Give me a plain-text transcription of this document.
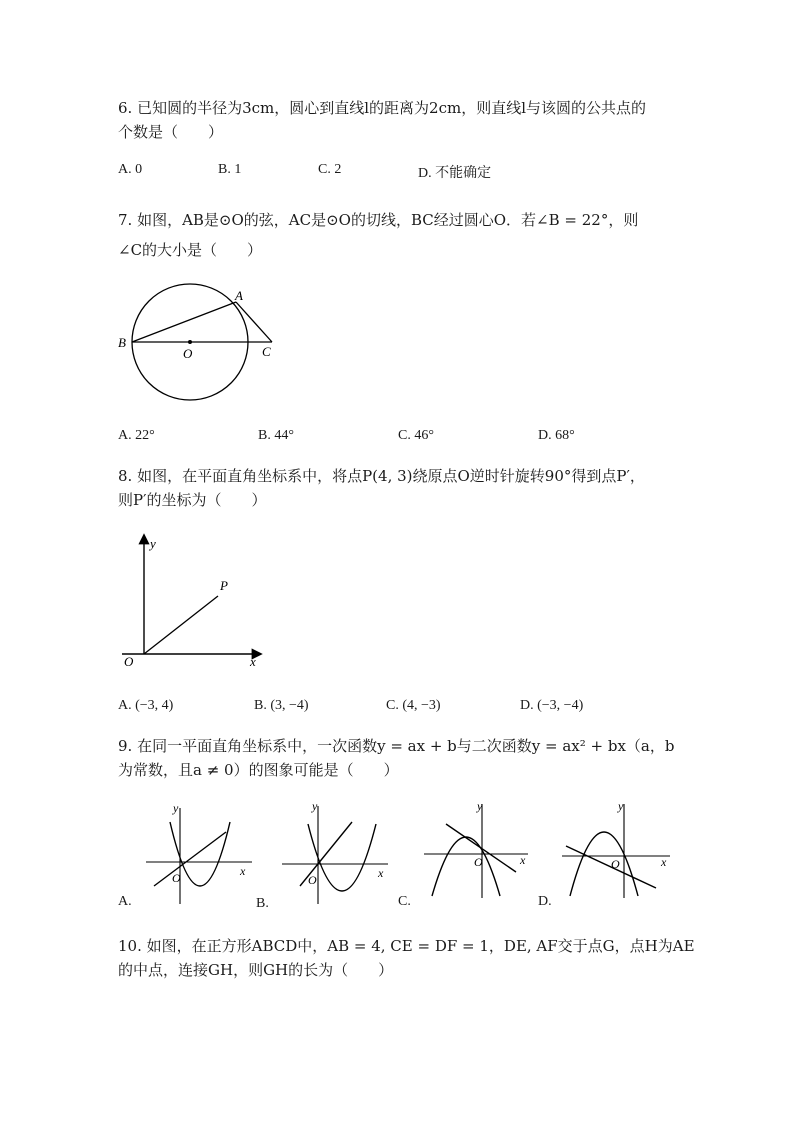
6. 已知圆的半径为3cm，圆心到直线l的距离为2cm，则直线l与该圆的公共点的
个数是（　　）
A. 0	B. 1	C. 2	D. 不能确定
7. 如图，AB是⊙O的弦，AC是⊙O的切线，BC经过圆心O．若∠B = 22°，则
∠C的大小是（　　）
A
B
O	C
A. 22°	B. 44°	C. 46°	D. 68°
8. 如图，在平面直角坐标系中，将点P(4, 3)绕原点O逆时针旋转90°得到点P′，
则P′的坐标为（　　）
y
x
O
P
A. (−3, 4)	B. (3, −4)	C. (4, −3)	D. (−3, −4)
9. 在同一平面直角坐标系中，一次函数y = ax + b与二次函数y = ax² + bx（a，b
为常数，且a ≠ 0）的图象可能是（　　）
y
x
O
A.
y
x
O
B.
y
x
O
C.
y
x
O
D.
10. 如图，在正方形ABCD中，AB = 4, CE = DF = 1，DE, AF交于点G，点H为AE
的中点，连接GH，则GH的长为（　　）
